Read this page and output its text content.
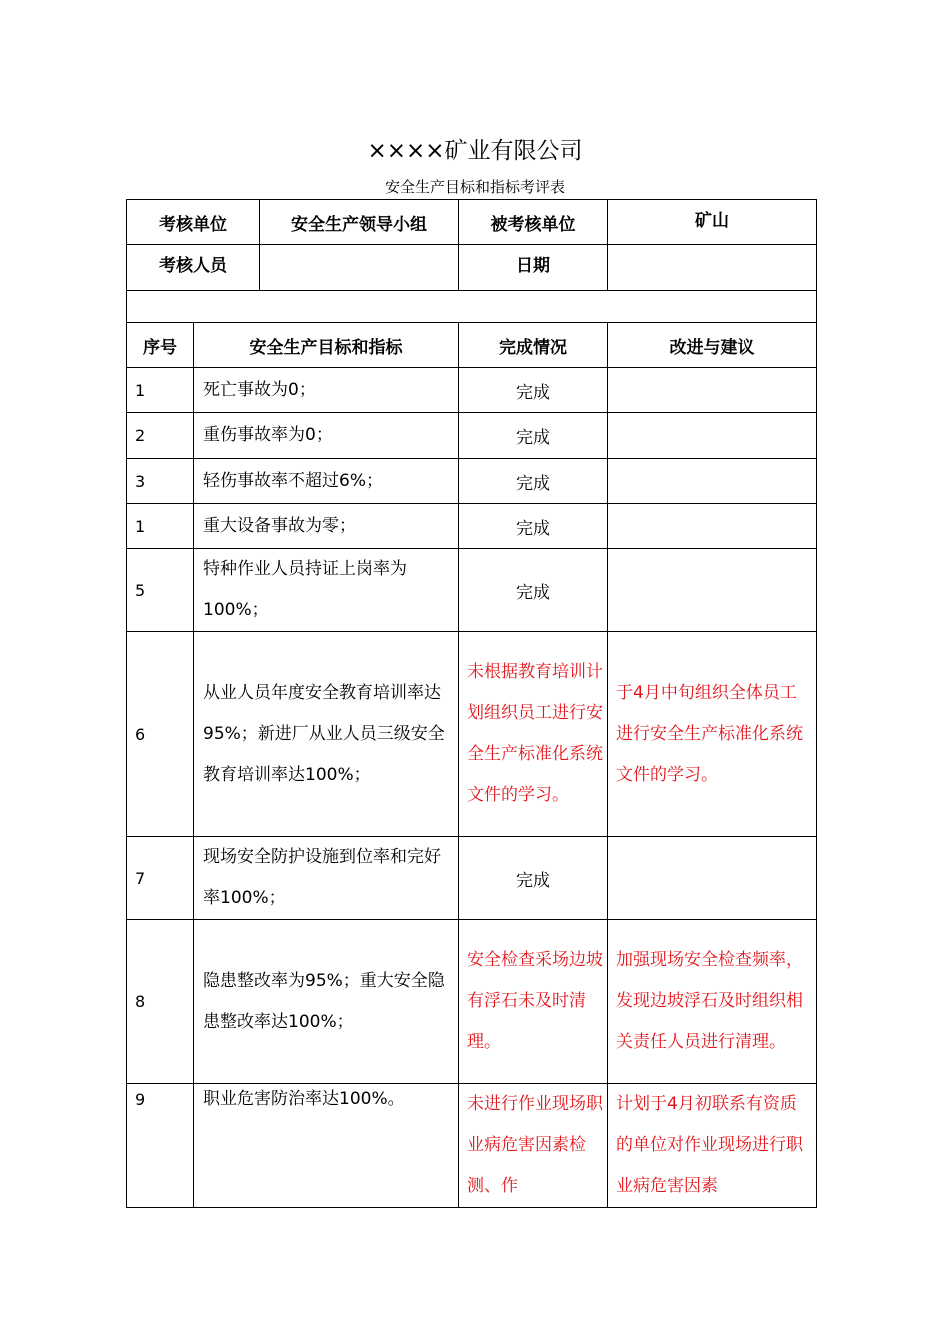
××××矿业有限公司
安全生产目标和指标考评表
考核单位		安全生产领导小组	被考核单位	矿山
考核人员			日期	

序号	安全生产目标和指标		完成情况	改进与建议
1	死亡事故为0；		完成	
2	重伤事故率为0；		完成	
3	轻伤事故率不超过6%；		完成	
1	重大设备事故为零；		完成	
5	特种作业人员持证上岗率为100%；		完成	
6	从业人员年度安全教育培训率达95%；新进厂从业人员三级安全教育培训率达100%；		未根据教育培训计划组织员工进行安全生产标准化系统文件的学习。	于4月中旬组织全体员工进行安全生产标准化系统文件的学习。
7	现场安全防护设施到位率和完好率100%；		完成	
8	隐患整改率为95%；重大安全隐患整改率达100%；		安全检查采场边坡有浮石未及时清理。	加强现场安全检查频率，发现边坡浮石及时组织相关责任人员进行清理。
9	职业危害防治率达100%。		未进行作业现场职业病危害因素检测、作	计划于4月初联系有资质的单位对作业现场进行职业病危害因素
